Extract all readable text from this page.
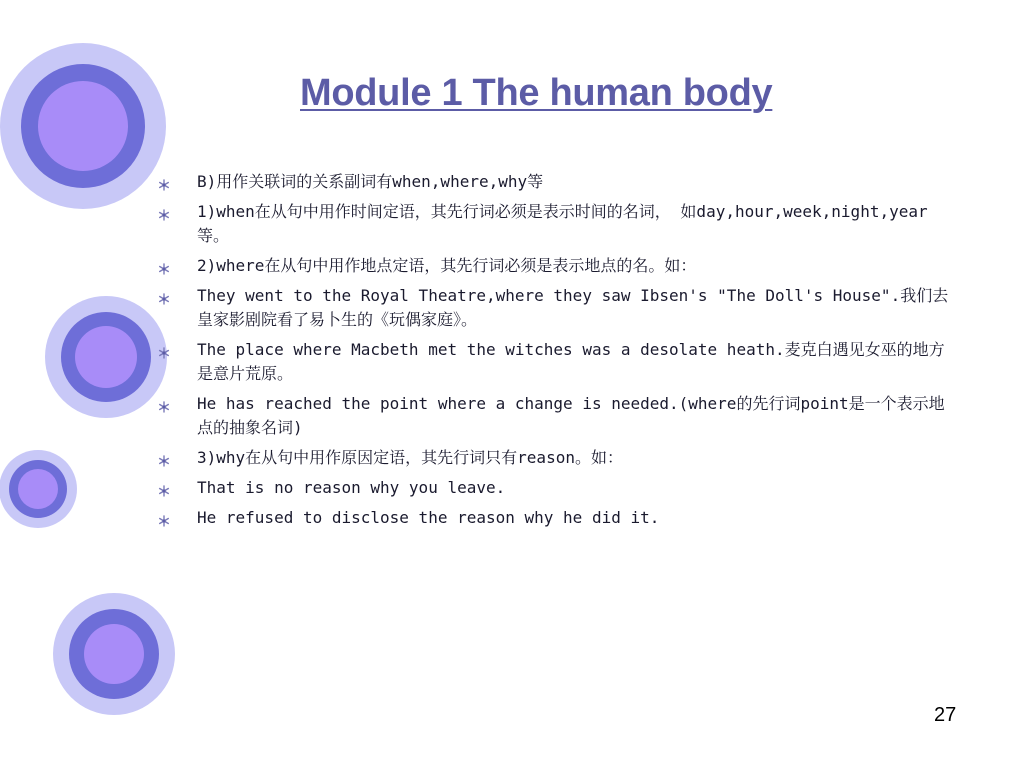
Module 1 The human body
B)用作关联词的关系副词有when,where,why等
1)when在从句中用作时间定语，其先行词必须是表示时间的名词， 如day,hour,week,night,year等。
2)where在从句中用作地点定语，其先行词必须是表示地点的名。如：
They went to the Royal Theatre,where they saw Ibsen's "The Doll's House".我们去皇家影剧院看了易卜生的《玩偶家庭》。
The place where Macbeth met the witches was a desolate heath.麦克白遇见女巫的地方是意片荒原。
He has reached the point where a change is needed.(where的先行词point是一个表示地点的抽象名词)
3)why在从句中用作原因定语，其先行词只有reason。如：
That is no reason why you leave.
He refused to disclose the reason why he did it.
27
